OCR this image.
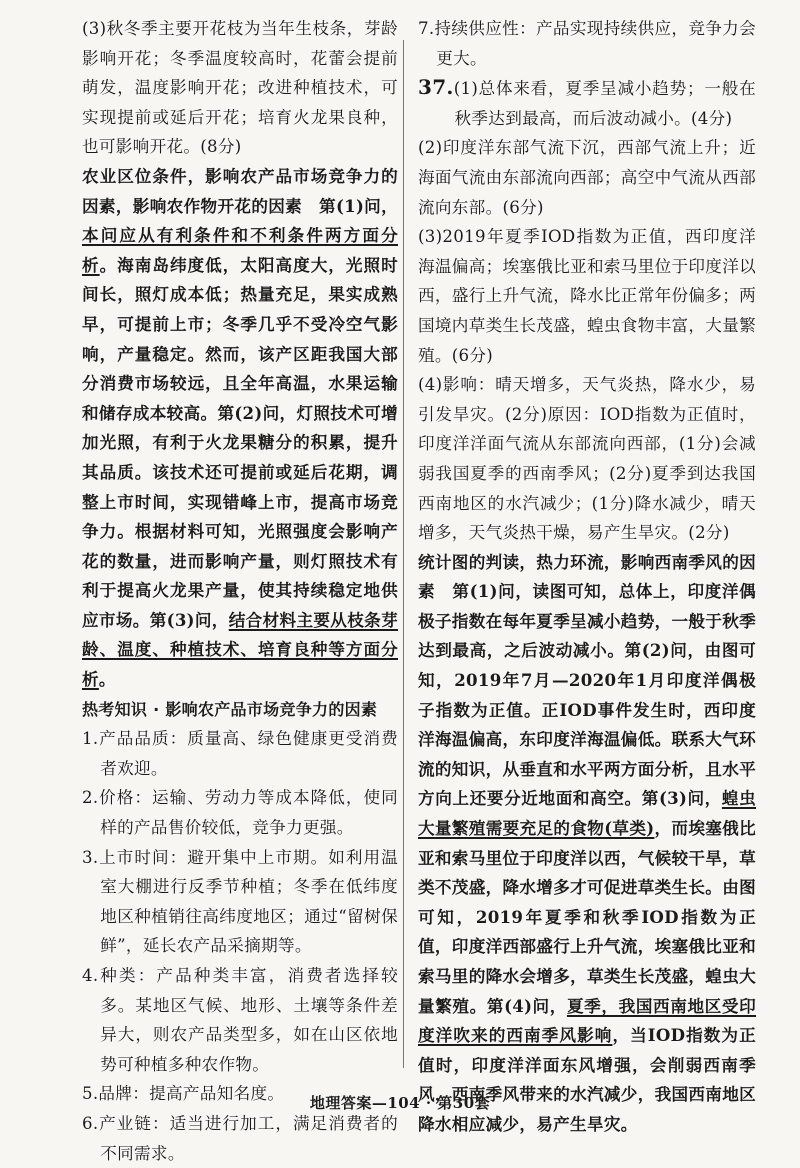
(3)秋冬季主要开花枝为当年生枝条，芽龄影响开花；冬季温度较高时，花蕾会提前萌发，温度影响开花；改进种植技术，可实现提前或延后开花；培育火龙果良种，也可影响开花。(8分)

农业区位条件，影响农产品市场竞争力的因素，影响农作物开花的因素　第(1)问，本问应从有利条件和不利条件两方面分析。海南岛纬度低，太阳高度大，光照时间长，照灯成本低；热量充足，果实成熟早，可提前上市；冬季几乎不受冷空气影响，产量稳定。然而，该产区距我国大部分消费市场较远，且全年高温，水果运输和储存成本较高。第(2)问，灯照技术可增加光照，有利于火龙果糖分的积累，提升其品质。该技术还可提前或延后花期，调整上市时间，实现错峰上市，提高市场竞争力。根据材料可知，光照强度会影响产花的数量，进而影响产量，则灯照技术有利于提高火龙果产量，使其持续稳定地供应市场。第(3)问，结合材料主要从枝条芽龄、温度、种植技术、培育良种等方面分析。

热考知识 · 影响农产品市场竞争力的因素

1.产品品质：质量高、绿色健康更受消费者欢迎。

2.价格：运输、劳动力等成本降低，使同样的产品售价较低，竞争力更强。

3.上市时间：避开集中上市期。如利用温室大棚进行反季节种植；冬季在低纬度地区种植销往高纬度地区；通过“留树保鲜”，延长农产品采摘期等。

4.种类：产品种类丰富，消费者选择较多。某地区气候、地形、土壤等条件差异大，则农产品类型多，如在山区依地势可种植多种农作物。

5.品牌：提高产品知名度。

6.产业链：适当进行加工，满足消费者的不同需求。

7.持续供应性：产品实现持续供应，竞争力会更大。

37.(1)总体来看，夏季呈减小趋势；一般在秋季达到最高，而后波动减小。(4分)

(2)印度洋东部气流下沉，西部气流上升；近海面气流由东部流向西部；高空中气流从西部流向东部。(6分)

(3)2019年夏季IOD指数为正值，西印度洋海温偏高；埃塞俄比亚和索马里位于印度洋以西，盛行上升气流，降水比正常年份偏多；两国境内草类生长茂盛，蝗虫食物丰富，大量繁殖。(6分)

(4)影响：晴天增多，天气炎热，降水少，易引发旱灾。(2分)原因：IOD指数为正值时，印度洋洋面气流从东部流向西部，(1分)会减弱我国夏季的西南季风；(2分)夏季到达我国西南地区的水汽减少；(1分)降水减少，晴天增多，天气炎热干燥，易产生旱灾。(2分)

统计图的判读，热力环流，影响西南季风的因素　第(1)问，读图可知，总体上，印度洋偶极子指数在每年夏季呈减小趋势，一般于秋季达到最高，之后波动减小。第(2)问，由图可知，2019年7月—2020年1月印度洋偶极子指数为正值。正IOD事件发生时，西印度洋海温偏高，东印度洋海温偏低。联系大气环流的知识，从垂直和水平两方面分析，且水平方向上还要分近地面和高空。第(3)问，蝗虫大量繁殖需要充足的食物(草类)，而埃塞俄比亚和索马里位于印度洋以西，气候较干旱，草类不茂盛，降水增多才可促进草类生长。由图可知，2019年夏季和秋季IOD指数为正值，印度洋西部盛行上升气流，埃塞俄比亚和索马里的降水会增多，草类生长茂盛，蝗虫大量繁殖。第(4)问，夏季，我国西南地区受印度洋吹来的西南季风影响，当IOD指数为正值时，印度洋洋面东风增强，会削弱西南季风，西南季风带来的水汽减少，我国西南地区降水相应减少，易产生旱灾。

地理答案—104 · 第30套
